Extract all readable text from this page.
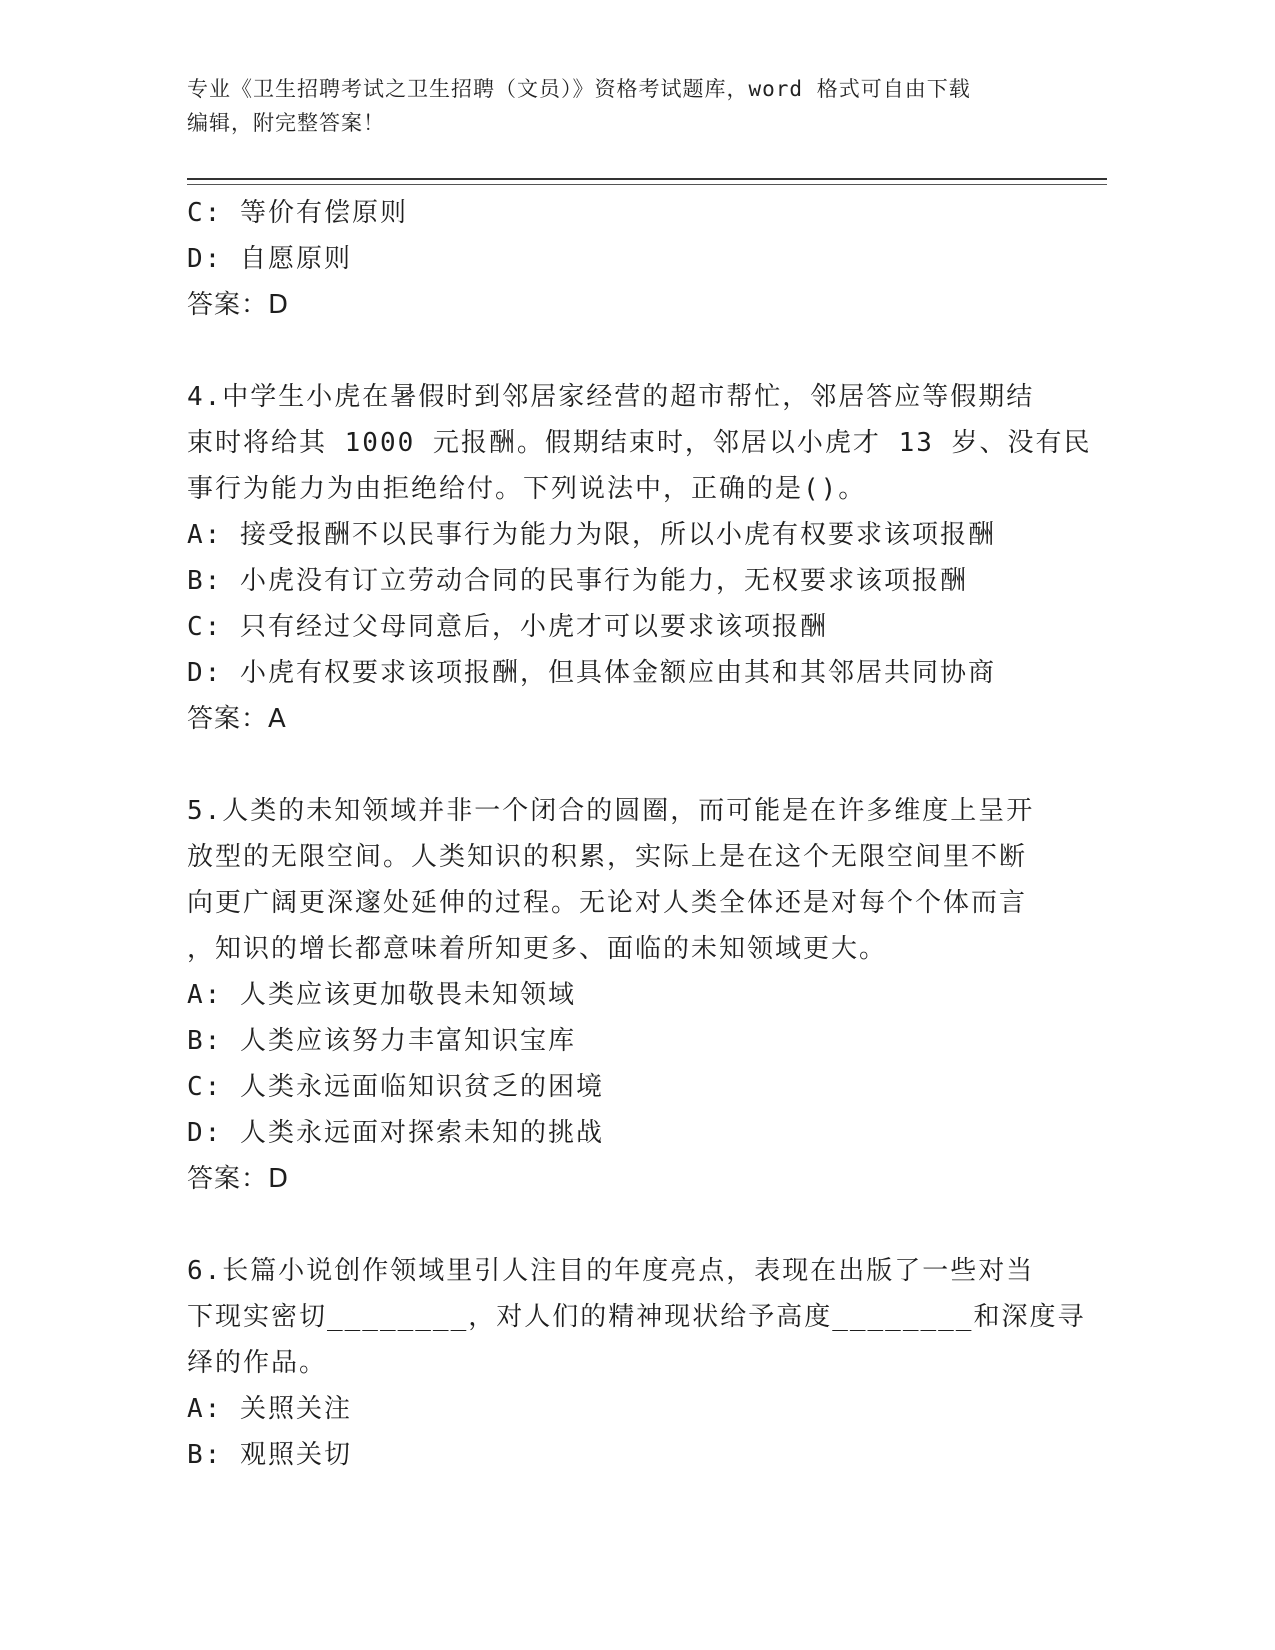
专业《卫生招聘考试之卫生招聘（文员）》资格考试题库，word 格式可自由下载
编辑，附完整答案！
C: 等价有偿原则
D: 自愿原则
答案：D
4.中学生小虎在暑假时到邻居家经营的超市帮忙，邻居答应等假期结
束时将给其 1000 元报酬。假期结束时，邻居以小虎才 13 岁、没有民
事行为能力为由拒绝给付。下列说法中，正确的是()。
A: 接受报酬不以民事行为能力为限，所以小虎有权要求该项报酬
B: 小虎没有订立劳动合同的民事行为能力，无权要求该项报酬
C: 只有经过父母同意后，小虎才可以要求该项报酬
D: 小虎有权要求该项报酬，但具体金额应由其和其邻居共同协商
答案：A
5.人类的未知领域并非一个闭合的圆圈，而可能是在许多维度上呈开
放型的无限空间。人类知识的积累，实际上是在这个无限空间里不断
向更广阔更深邃处延伸的过程。无论对人类全体还是对每个个体而言
，知识的增长都意味着所知更多、面临的未知领域更大。
A: 人类应该更加敬畏未知领域
B: 人类应该努力丰富知识宝库
C: 人类永远面临知识贫乏的困境
D: 人类永远面对探索未知的挑战
答案：D
6.长篇小说创作领域里引人注目的年度亮点，表现在出版了一些对当
下现实密切________，对人们的精神现状给予高度________和深度寻
绎的作品。
A: 关照关注
B: 观照关切
